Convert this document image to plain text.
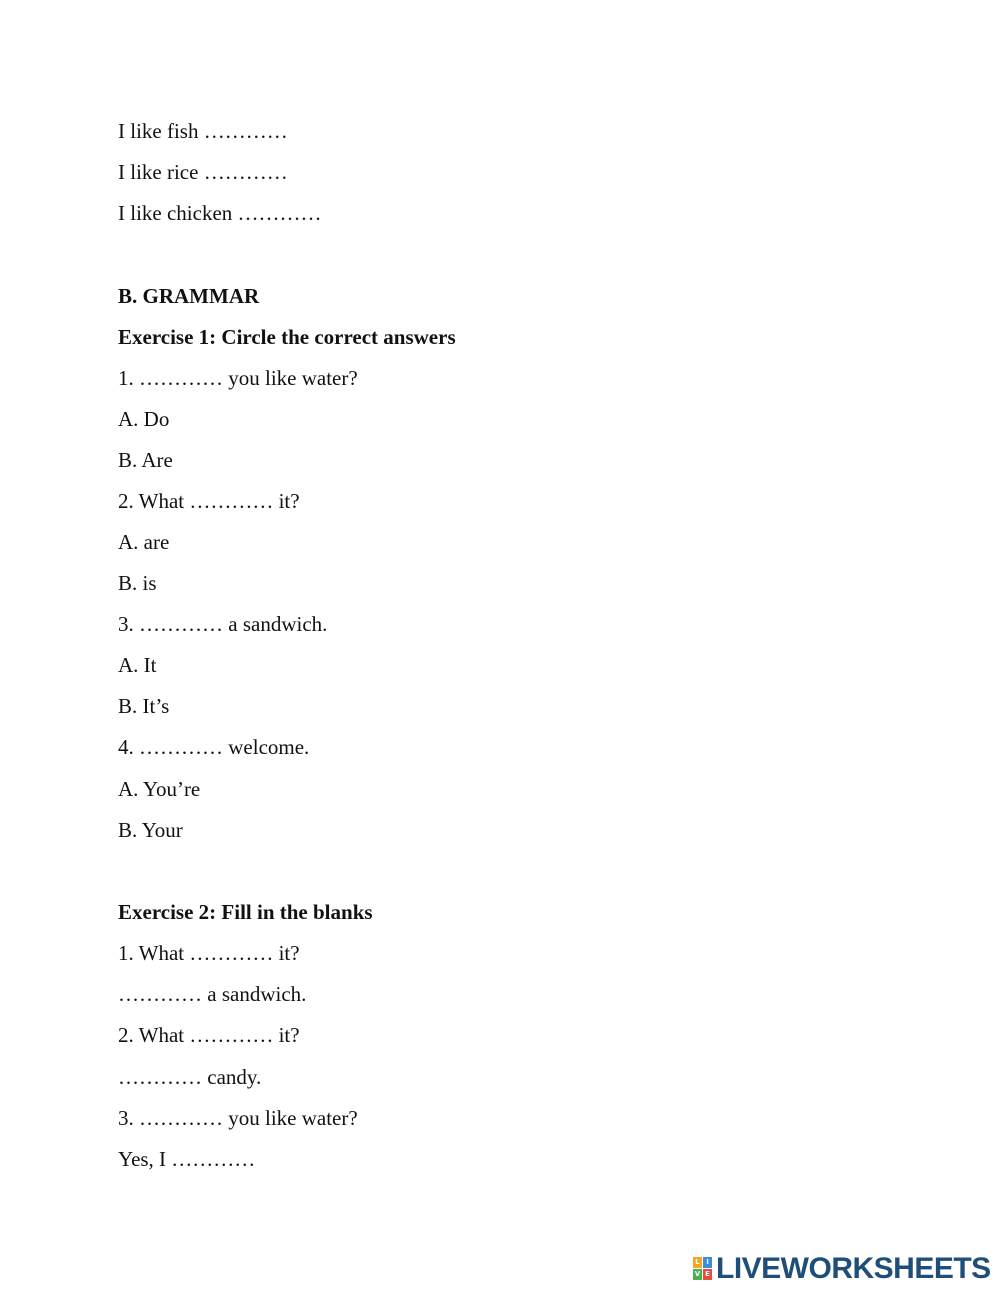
I like fish …………
I like rice …………
I like chicken …………
B. GRAMMAR
Exercise 1: Circle the correct answers
1. ………… you like water?
A. Do
B. Are
2. What ………… it?
A. are
B. is
3. ………… a sandwich.
A. It
B. It’s
4. ………… welcome.
A. You’re
B. Your
Exercise 2: Fill in the blanks
1. What ………… it?
………… a sandwich.
2. What ………… it?
………… candy.
3. ………… you like water?
Yes, I …………
L I
V E LIVEWORKSHEETS
